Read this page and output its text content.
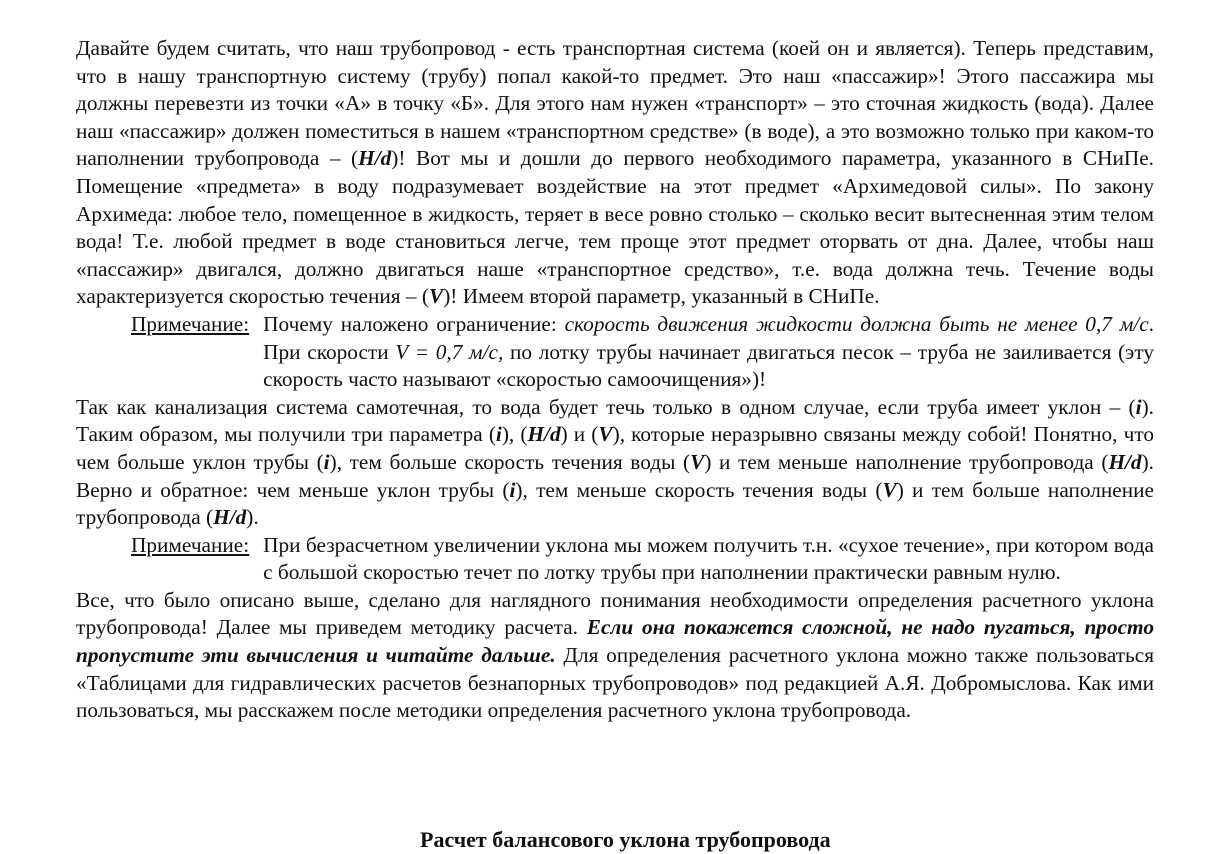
Давайте будем считать, что наш трубопровод - есть транспортная система (коей он и является). Теперь представим, что в нашу транспортную систему (трубу) попал какой-то предмет. Это наш «пассажир»! Этого пассажира мы должны перевезти из точки «А» в точку «Б». Для этого нам нужен «транспорт» – это сточная жидкость (вода). Далее наш «пассажир» должен поместиться в нашем «транспортном средстве» (в воде), а это возможно только при каком-то наполнении трубопровода – (H/d)! Вот мы и дошли до первого необходимого параметра, указанного в СНиПе. Помещение «предмета» в воду подразумевает воздействие на этот предмет «Архимедовой силы». По закону Архимеда: любое тело, помещенное в жидкость, теряет в весе ровно столько – сколько весит вытесненная этим телом вода! Т.е. любой предмет в воде становиться легче, тем проще этот предмет оторвать от дна. Далее, чтобы наш «пассажир» двигался, должно двигаться наше «транспортное средство», т.е. вода должна течь. Течение воды характеризуется скоростью течения – (V)! Имеем второй параметр, указанный в СНиПе.

Примечание: Почему наложено ограничение: скорость движения жидкости должна быть не менее 0,7 м/с. При скорости V = 0,7 м/с, по лотку трубы начинает двигаться песок – труба не заиливается (эту скорость часто называют «скоростью самоочищения»)!

Так как канализация система самотечная, то вода будет течь только в одном случае, если труба имеет уклон – (i). Таким образом, мы получили три параметра (i), (H/d) и (V), которые неразрывно связаны между собой! Понятно, что чем больше уклон трубы (i), тем больше скорость течения воды (V) и тем меньше наполнение трубопровода (H/d). Верно и обратное: чем меньше уклон трубы (i), тем меньше скорость течения воды (V) и тем больше наполнение трубопровода (H/d).

Примечание: При безрасчетном увеличении уклона мы можем получить т.н. «сухое течение», при котором вода с большой скоростью течет по лотку трубы при наполнении практически равным нулю.

Все, что было описано выше, сделано для наглядного понимания необходимости определения расчетного уклона трубопровода! Далее мы приведем методику расчета. Если она покажется сложной, не надо пугаться, просто пропустите эти вычисления и читайте дальше. Для определения расчетного уклона можно также пользоваться «Таблицами для гидравлических расчетов безнапорных трубопроводов» под редакцией А.Я. Добромыслова. Как ими пользоваться, мы расскажем после методики определения расчетного уклона трубопровода.

Расчет балансового уклона трубопровода
